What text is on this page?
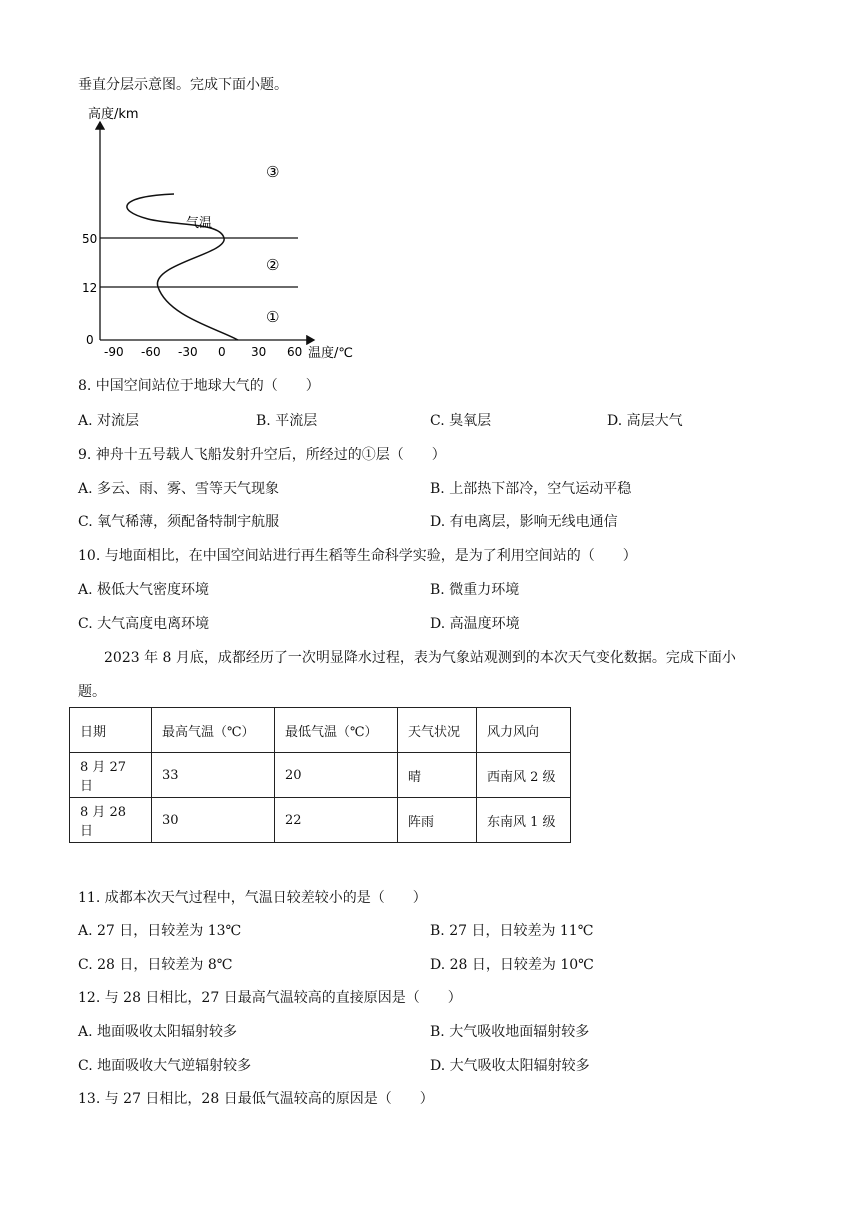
垂直分层示意图。完成下面小题。
高度/km
温度/℃
气温
50
12
0
-90 -60 -30 0 30 60
③
②
①
8. 中国空间站位于地球大气的（　　）
A. 对流层	B. 平流层	C. 臭氧层	D. 高层大气
9. 神舟十五号载人飞船发射升空后，所经过的①层（　　）
A. 多云、雨、雾、雪等天气现象	B. 上部热下部冷，空气运动平稳
C. 氧气稀薄，须配备特制宇航服	D. 有电离层，影响无线电通信
10. 与地面相比，在中国空间站进行再生稻等生命科学实验，是为了利用空间站的（　　）
A. 极低大气密度环境	B. 微重力环境
C. 大气高度电离环境	D. 高温度环境
2023 年 8 月底，成都经历了一次明显降水过程，表为气象站观测到的本次天气变化数据。完成下面小
题。
日期	最高气温（℃）	最低气温（℃）	天气状况	风力风向
8 月 27 日	33	20	晴	西南风 2 级
8 月 28 日	30	22	阵雨	东南风 1 级
11. 成都本次天气过程中，气温日较差较小的是（　　）
A. 27 日，日较差为 13℃	B. 27 日，日较差为 11℃
C. 28 日，日较差为 8℃	D. 28 日，日较差为 10℃
12. 与 28 日相比，27 日最高气温较高的直接原因是（　　）
A. 地面吸收太阳辐射较多	B. 大气吸收地面辐射较多
C. 地面吸收大气逆辐射较多	D. 大气吸收太阳辐射较多
13. 与 27 日相比，28 日最低气温较高的原因是（　　）
